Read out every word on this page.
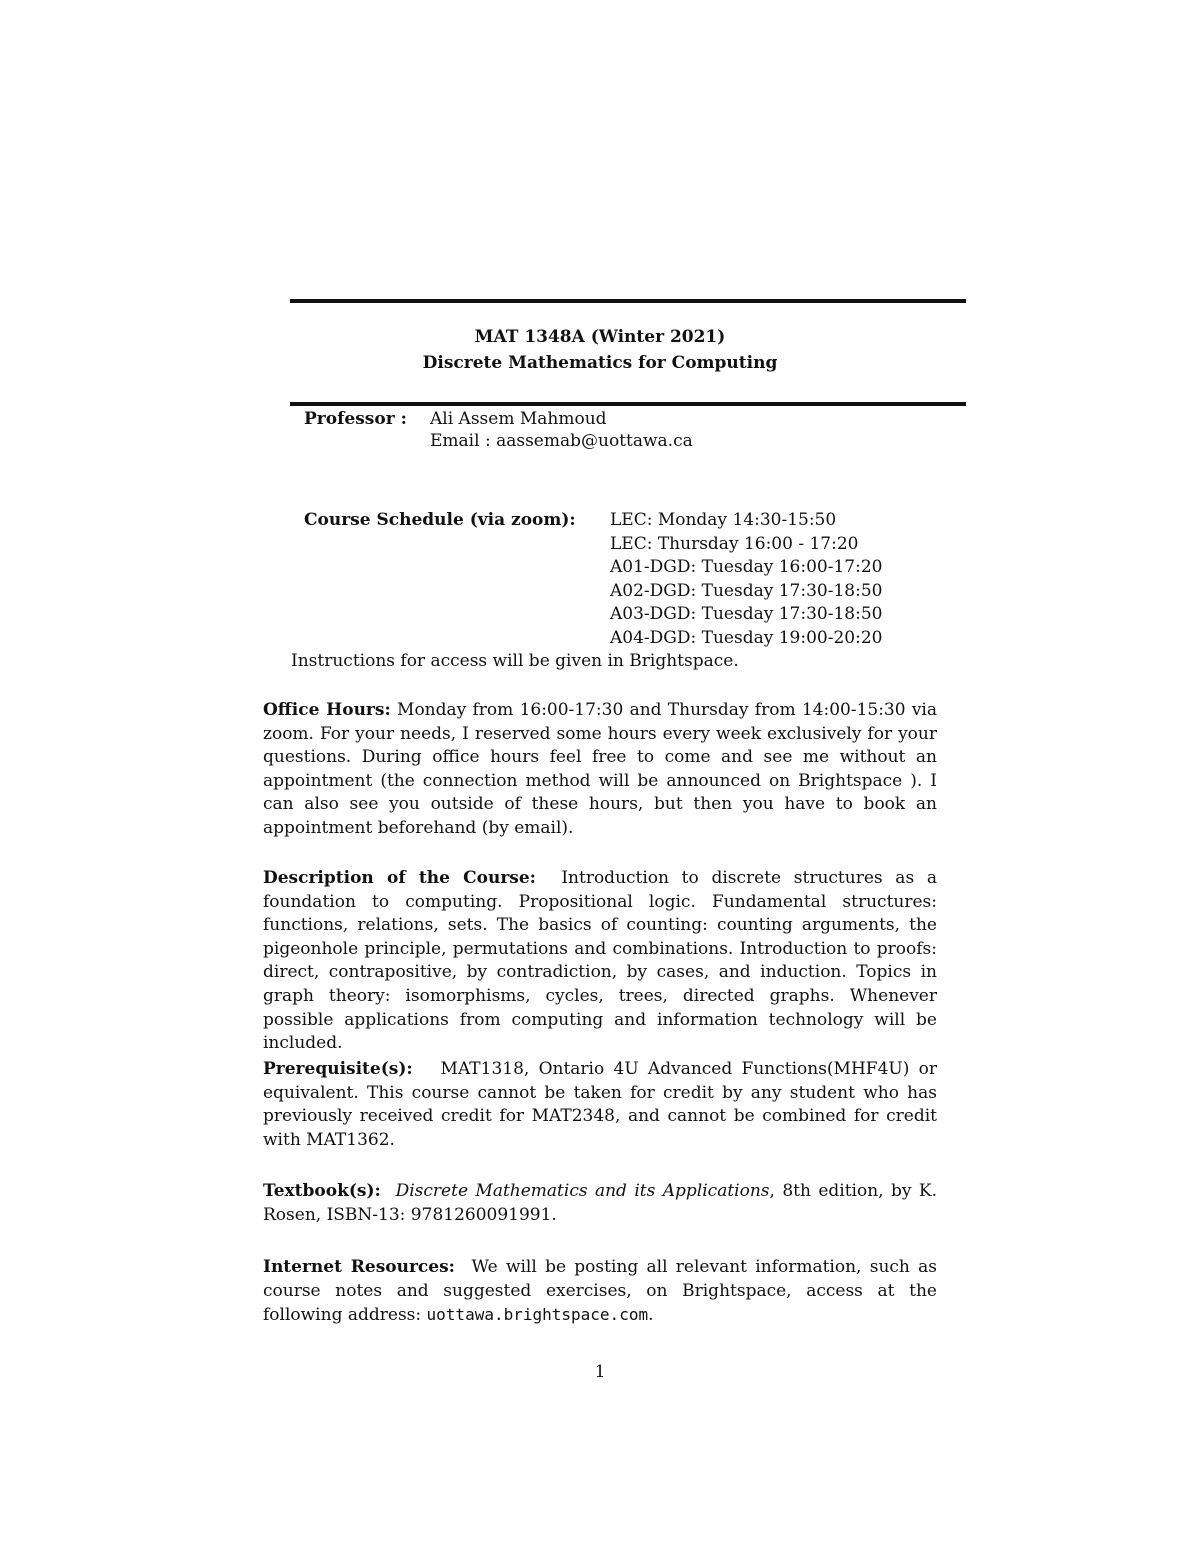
MAT 1348A (Winter 2021)
Discrete Mathematics for Computing
Professor : Ali Assem Mahmoud
Email : aassemab@uottawa.ca
Course Schedule (via zoom): LEC: Monday 14:30-15:50
LEC: Thursday 16:00 - 17:20
A01-DGD: Tuesday 16:00-17:20
A02-DGD: Tuesday 17:30-18:50
A03-DGD: Tuesday 17:30-18:50
A04-DGD: Tuesday 19:00-20:20
Instructions for access will be given in Brightspace.
Office Hours: Monday from 16:00-17:30 and Thursday from 14:00-15:30 via zoom. For your needs, I reserved some hours every week exclusively for your questions. During office hours feel free to come and see me without an appointment (the connection method will be announced on Brightspace ). I can also see you outside of these hours, but then you have to book an appointment beforehand (by email).
Description of the Course: Introduction to discrete structures as a foundation to computing. Propositional logic. Fundamental structures: functions, relations, sets. The basics of counting: counting arguments, the pigeonhole principle, permutations and combinations. Introduction to proofs: direct, contrapositive, by contradiction, by cases, and induction. Topics in graph theory: isomorphisms, cycles, trees, directed graphs. Whenever possible applications from computing and information technology will be included.
Prerequisite(s): MAT1318, Ontario 4U Advanced Functions(MHF4U) or equivalent. This course cannot be taken for credit by any student who has previously received credit for MAT2348, and cannot be combined for credit with MAT1362.
Textbook(s): Discrete Mathematics and its Applications, 8th edition, by K. Rosen, ISBN-13: 9781260091991.
Internet Resources: We will be posting all relevant information, such as course notes and suggested exercises, on Brightspace, access at the following address: uottawa.brightspace.com.
1
